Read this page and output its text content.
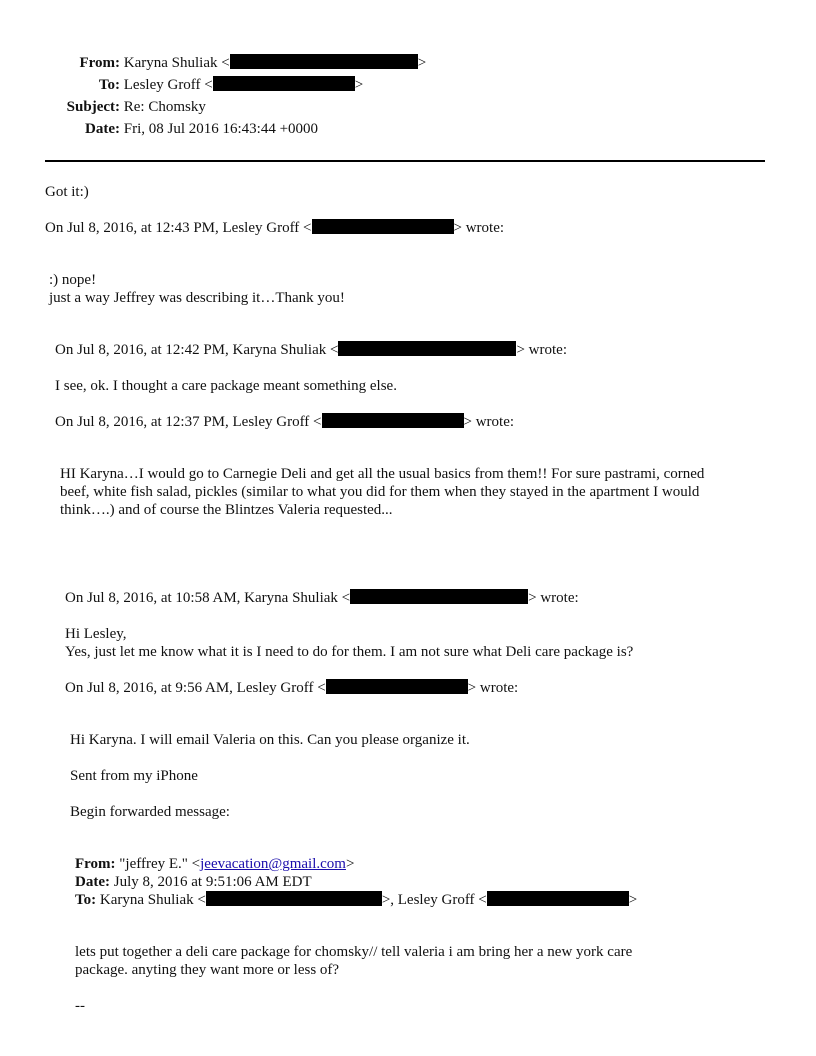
From: Karyna Shuliak <	>
To: Lesley Groff <	>
Subject: Re: Chomsky
Date: Fri, 08 Jul 2016 16:43:44 +0000
Got it:)
On Jul 8, 2016, at 12:43 PM, Lesley Groff <	> wrote:
:) nope!
just a way Jeffrey was describing it…Thank you!
On Jul 8, 2016, at 12:42 PM, Karyna Shuliak <	> wrote:
I see, ok. I thought a care package meant something else.
On Jul 8, 2016, at 12:37 PM, Lesley Groff <	> wrote:
HI Karyna…I would go to Carnegie Deli and get all the usual basics from them!! For sure pastrami, corned
beef, white fish salad, pickles (similar to what you did for them when they stayed in the apartment I would
think….) and of course the Blintzes Valeria requested...
On Jul 8, 2016, at 10:58 AM, Karyna Shuliak <	> wrote:
Hi Lesley,
Yes, just let me know what it is I need to do for them. I am not sure what Deli care package is?
On Jul 8, 2016, at 9:56 AM, Lesley Groff <	> wrote:
Hi Karyna. I will email Valeria on this. Can you please organize it.
Sent from my iPhone
Begin forwarded message:
From: "jeffrey E." <jeevacation@gmail.com>
Date: July 8, 2016 at 9:51:06 AM EDT
To: Karyna Shuliak <	>, Lesley Groff <	>
lets put together a deli care package for chomsky// tell valeria i am bring her a new york care
package. anyting they want more or less of?
--
